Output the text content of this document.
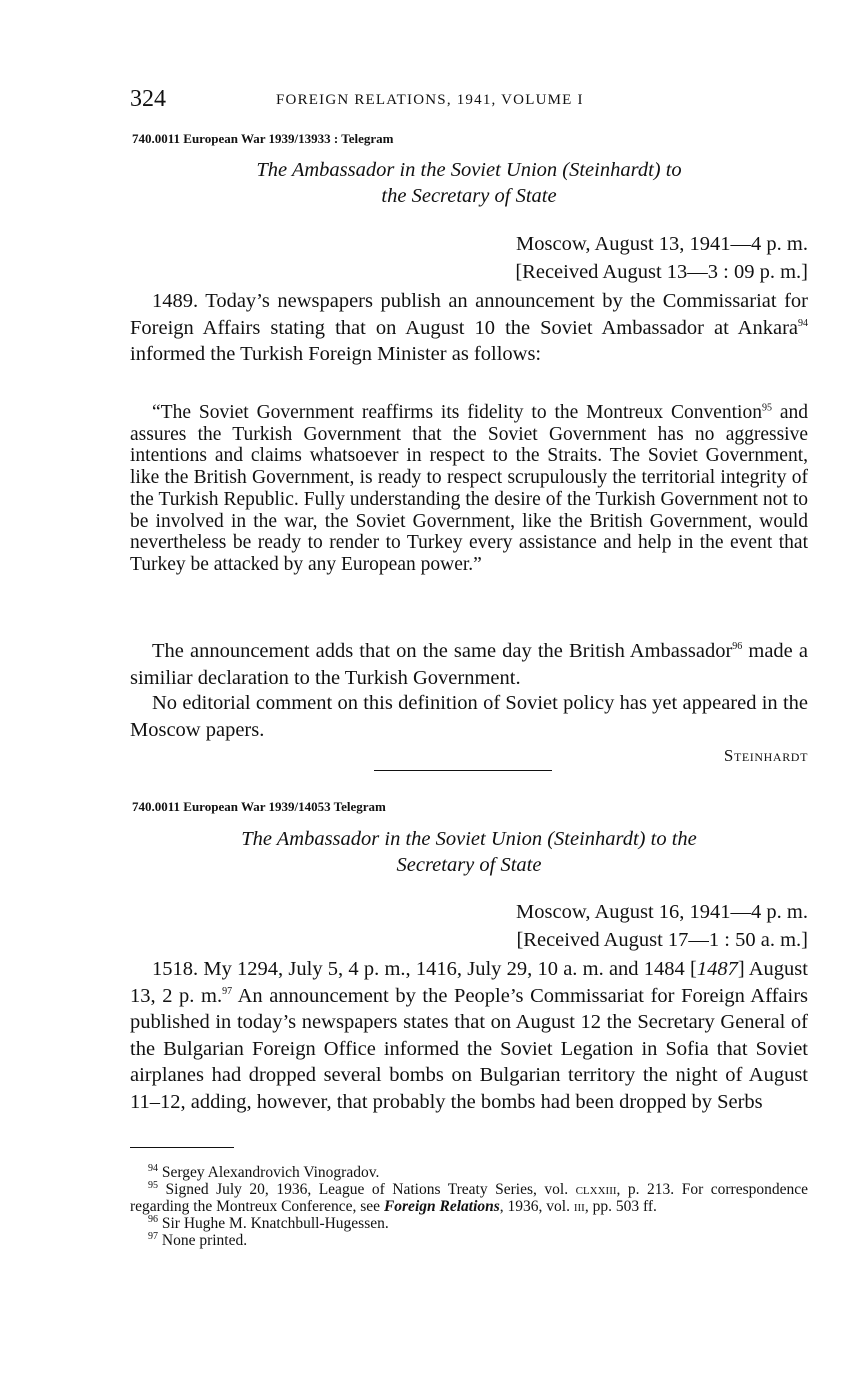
324	FOREIGN RELATIONS, 1941, VOLUME I
740.0011 European War 1939/13933 : Telegram
The Ambassador in the Soviet Union (Steinhardt) to
the Secretary of State
Moscow, August 13, 1941—4 p. m.
[Received August 13—3 : 09 p. m.]
1489. Today’s newspapers publish an announcement by the Commissariat for Foreign Affairs stating that on August 10 the Soviet Ambassador at Ankara$^{94}$ informed the Turkish Foreign Minister as follows:
“The Soviet Government reaffirms its fidelity to the Montreux Convention$^{95}$ and assures the Turkish Government that the Soviet Government has no aggressive intentions and claims whatsoever in respect to the Straits. The Soviet Government, like the British Government, is ready to respect scrupulously the territorial integrity of the Turkish Republic. Fully understanding the desire of the Turkish Government not to be involved in the war, the Soviet Government, like the British Government, would nevertheless be ready to render to Turkey every assistance and help in the event that Turkey be attacked by any European power.”
The announcement adds that on the same day the British Ambassador$^{96}$ made a similiar declaration to the Turkish Government.
No editorial comment on this definition of Soviet policy has yet appeared in the Moscow papers.
Steinhardt
740.0011 European War 1939/14053 Telegram
The Ambassador in the Soviet Union (Steinhardt) to the
Secretary of State
Moscow, August 16, 1941—4 p. m.
[Received August 17—1 : 50 a. m.]
1518. My 1294, July 5, 4 p. m., 1416, July 29, 10 a. m. and 1484 [1487] August 13, 2 p. m.$^{97}$ An announcement by the People’s Commissariat for Foreign Affairs published in today’s newspapers states that on August 12 the Secretary General of the Bulgarian Foreign Office informed the Soviet Legation in Sofia that Soviet airplanes had dropped several bombs on Bulgarian territory the night of August 11–12, adding, however, that probably the bombs had been dropped by Serbs
$^{94}$ Sergey Alexandrovich Vinogradov.
$^{95}$ Signed July 20, 1936, League of Nations Treaty Series, vol. clxxiii, p. 213. For correspondence regarding the Montreux Conference, see Foreign Relations, 1936, vol. iii, pp. 503 ff.
$^{96}$ Sir Hughe M. Knatchbull-Hugessen.
$^{97}$ None printed.
